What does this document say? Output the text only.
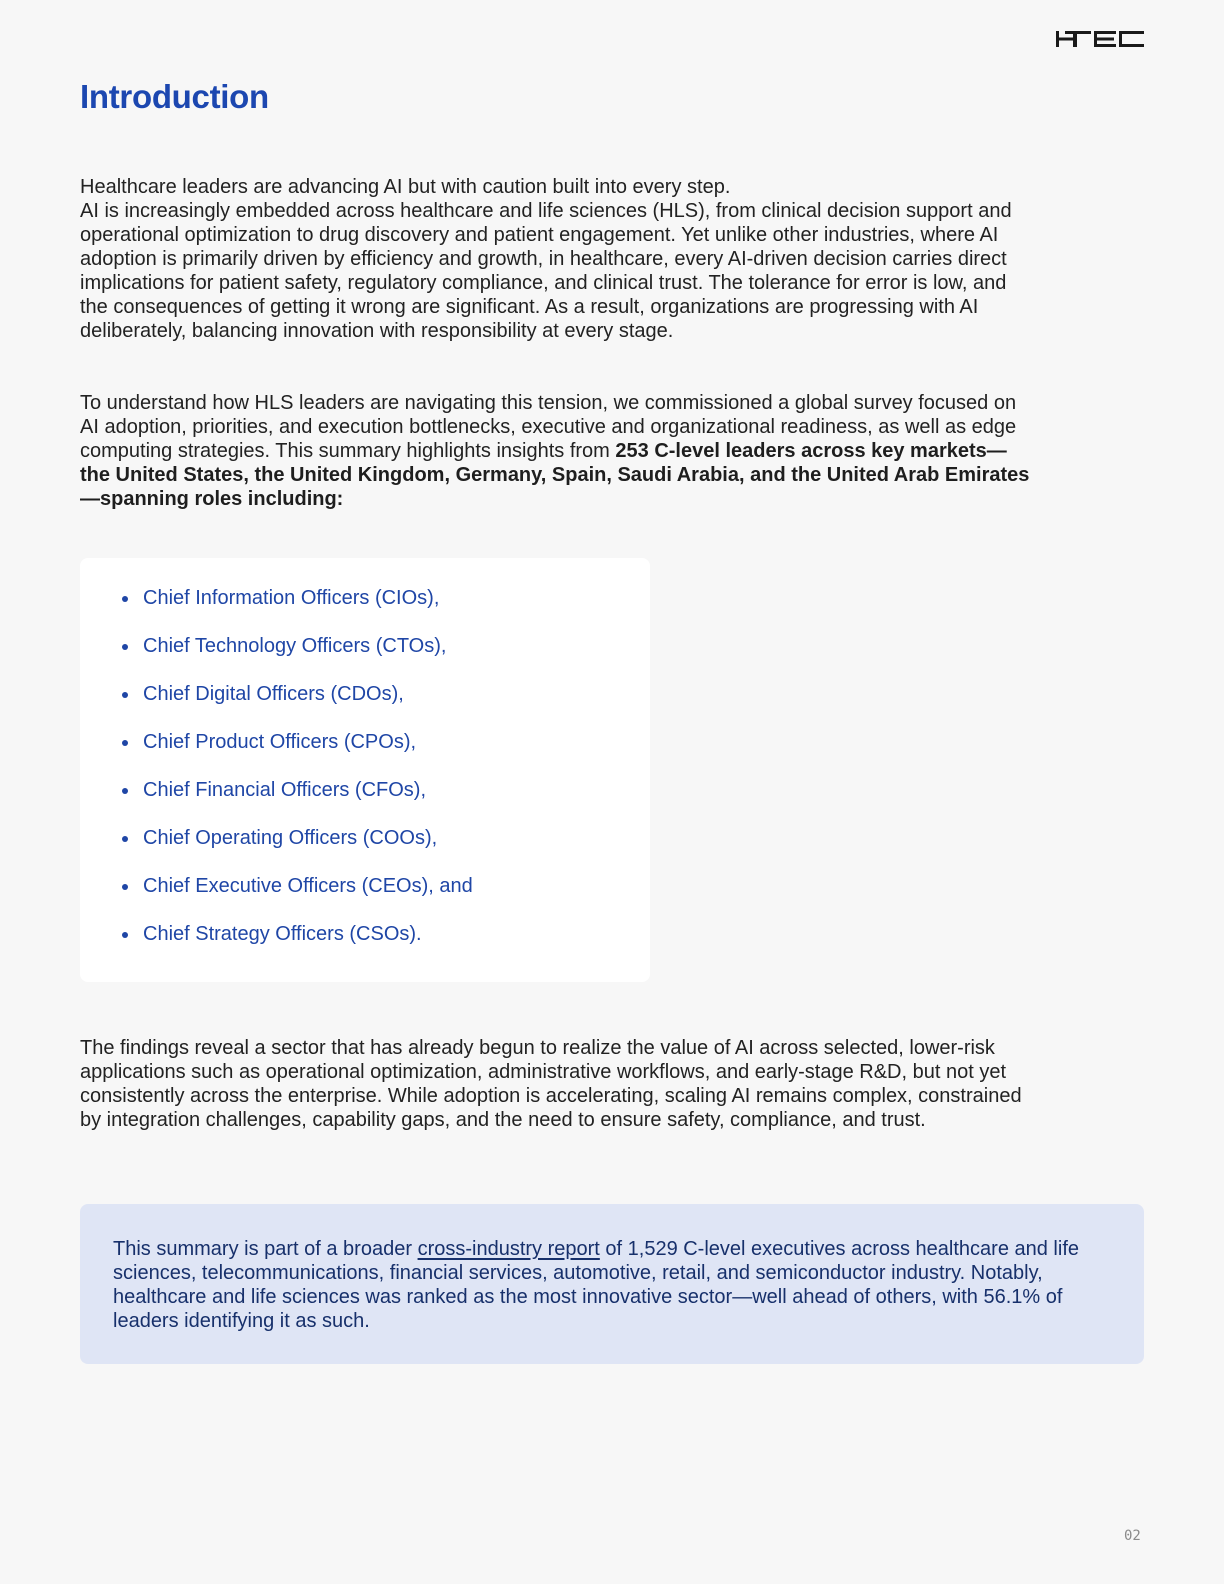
Introduction

Healthcare leaders are advancing AI but with caution built into every step.
AI is increasingly embedded across healthcare and life sciences (HLS), from clinical decision support and operational optimization to drug discovery and patient engagement. Yet unlike other industries, where AI adoption is primarily driven by efficiency and growth, in healthcare, every AI-driven decision carries direct implications for patient safety, regulatory compliance, and clinical trust. The tolerance for error is low, and the consequences of getting it wrong are significant. As a result, organizations are progressing with AI deliberately, balancing innovation with responsibility at every stage.

To understand how HLS leaders are navigating this tension, we commissioned a global survey focused on AI adoption, priorities, and execution bottlenecks, executive and organizational readiness, as well as edge computing strategies. This summary highlights insights from 253 C-level leaders across key markets—the United States, the United Kingdom, Germany, Spain, Saudi Arabia, and the United Arab Emirates—spanning roles including:

Chief Information Officers (CIOs),
Chief Technology Officers (CTOs),
Chief Digital Officers (CDOs),
Chief Product Officers (CPOs),
Chief Financial Officers (CFOs),
Chief Operating Officers (COOs),
Chief Executive Officers (CEOs), and
Chief Strategy Officers (CSOs).

The findings reveal a sector that has already begun to realize the value of AI across selected, lower-risk applications such as operational optimization, administrative workflows, and early-stage R&D, but not yet consistently across the enterprise. While adoption is accelerating, scaling AI remains complex, constrained by integration challenges, capability gaps, and the need to ensure safety, compliance, and trust.

This summary is part of a broader cross-industry report of 1,529 C-level executives across healthcare and life sciences, telecommunications, financial services, automotive, retail, and semiconductor industry. Notably, healthcare and life sciences was ranked as the most innovative sector—well ahead of others, with 56.1% of leaders identifying it as such.

02
